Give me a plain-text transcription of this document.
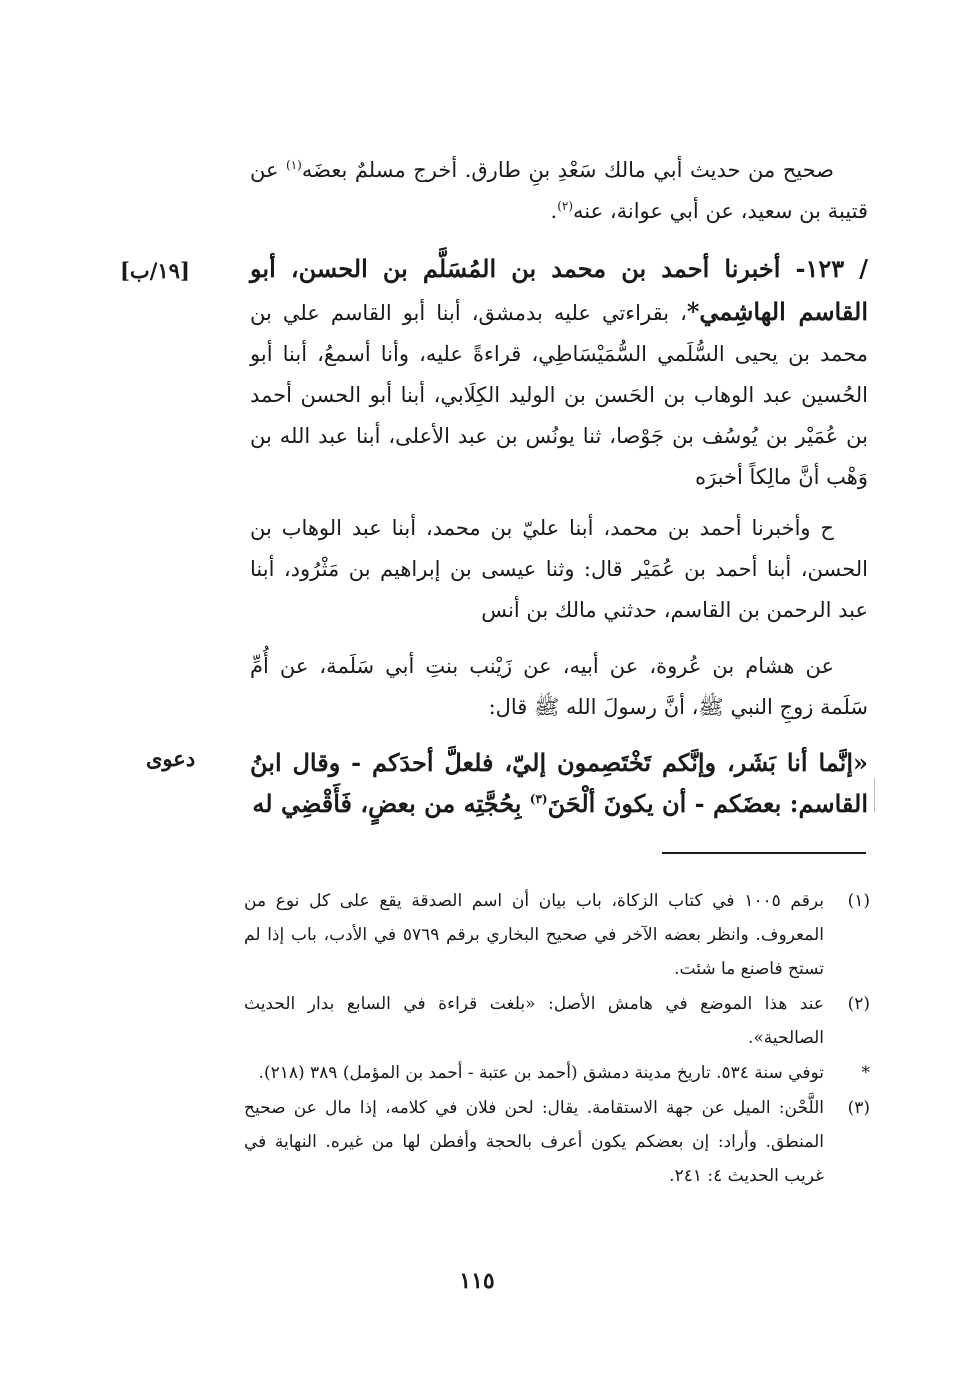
صحيح من حديث أبي مالك سَعْدِ بنِ طارق. أخرج مسلمٌ بعضَه$^{(١)}$ عن قتيبة بن سعيد، عن أبي عوانة، عنه$^{(٢)}$.

/ ١٢٣- أخبرنا أحمد بن محمد بن المُسَلَّم بن الحسن، أبو القاسم الهاشِمي*، بقراءتي عليه بدمشق، أبنا أبو القاسم علي بن محمد بن يحيى السُّلَمي السُّمَيْسَاطِي، قراءةً عليه، وأنا أسمعُ، أبنا أبو الحُسين عبد الوهاب بن الحَسن بن الوليد الكِلَابي، أبنا أبو الحسن أحمد بن عُمَيْر بن يُوسُف بن جَوْصا، ثنا يونُس بن عبد الأعلى، أبنا عبد الله بن وَهْب أنَّ مالِكاً أخبرَه

ح وأخبرنا أحمد بن محمد، أبنا عليّ بن محمد، أبنا عبد الوهاب بن الحسن، أبنا أحمد بن عُمَيْر قال: وثنا عيسى بن إبراهيم بن مَثْرُود، أبنا عبد الرحمن بن القاسم، حدثني مالك بن أنس

عن هشام بن عُروة، عن أبيه، عن زَيْنب بنتِ أبي سَلَمة، عن أُمِّ سَلَمة زوجِ النبي ﷺ، أنَّ رسولَ الله ﷺ قال:

«إنَّما أنا بَشَر، وإنَّكم تَخْتَصِمون إليّ، فلعلَّ أحدَكم - وقال ابنُ القاسم: بعضَكم - أن يكونَ ألْحَنَ$^{(٣)}$ بِحُجَّتِه من بعضٍ، فَأَقْضِي له

[١٩/ب]
دعوى
(١)
برقم ١٠٠٥ في كتاب الزكاة، باب بيان أن اسم الصدقة يقع على كل نوع من المعروف. وانظر بعضه الآخر في صحيح البخاري برقم ٥٧٦٩ في الأدب، باب إذا لم تستح فاصنع ما شئت.
(٢)
عند هذا الموضع في هامش الأصل: «بلغت قراءة في السابع بدار الحديث الصالحية».
*
توفي سنة ٥٣٤. تاريخ مدينة دمشق (أحمد بن عتبة - أحمد بن المؤمل) ٣٨٩ (٢١٨).
(٣)
اللَّحْن: الميل عن جهة الاستقامة. يقال: لحن فلان في كلامه، إذا مال عن صحيح المنطق. وأراد: إن بعضكم يكون أعرف بالحجة وأفطن لها من غيره. النهاية في غريب الحديث ٤: ٢٤١.
١١٥
